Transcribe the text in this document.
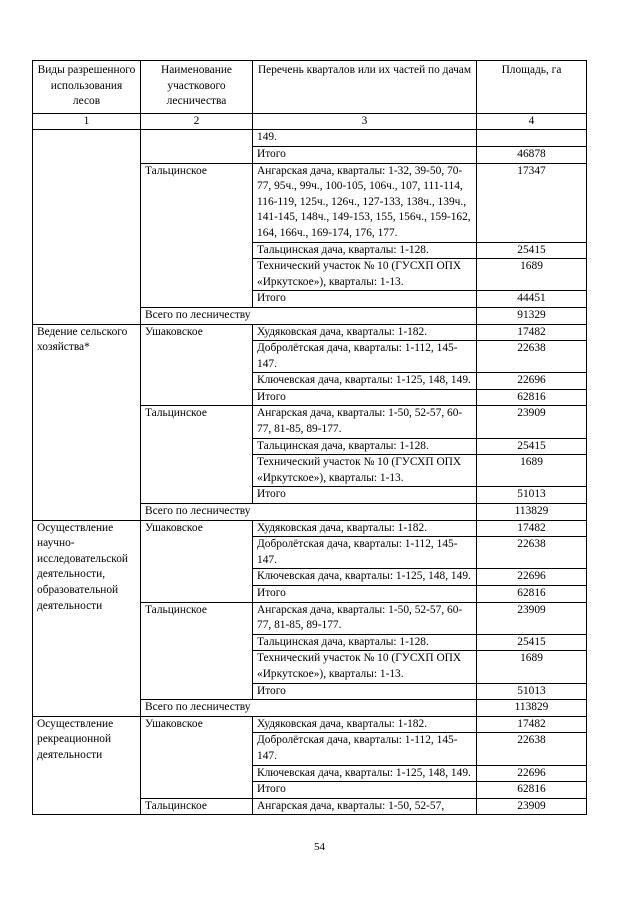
Виды разрешенного использования лесов	Наименование участкового лесничества	Перечень кварталов или их частей по дачам	Площадь, га
1	2	3	4
		149.	
		Итого	46878
	Тальцинское	Ангарская дача, кварталы: 1-32, 39-50, 70-77, 95ч., 99ч., 100-105, 106ч., 107, 111-114, 116-119, 125ч., 126ч., 127-133, 138ч., 139ч., 141-145, 148ч., 149-153, 155, 156ч., 159-162, 164, 166ч., 169-174, 176, 177.	17347
		Тальцинская дача, кварталы: 1-128.	25415
		Технический участок № 10 (ГУСХП ОПХ «Иркутское»), кварталы: 1-13.	1689
		Итого	44451
	Всего по лесничеству		91329
Ведение сельского хозяйства*	Ушаковское	Худяковская дача, кварталы: 1-182.	17482
		Добролётская дача, кварталы: 1-112, 145-147.	22638
		Ключевская дача, кварталы: 1-125, 148, 149.	22696
		Итого	62816
	Тальцинское	Ангарская дача, кварталы: 1-50, 52-57, 60-77, 81-85, 89-177.	23909
		Тальцинская дача, кварталы: 1-128.	25415
		Технический участок № 10 (ГУСХП ОПХ «Иркутское»), кварталы: 1-13.	1689
		Итого	51013
	Всего по лесничеству		113829
Осуществление научно-исследовательской деятельности, образовательной деятельности	Ушаковское	Худяковская дача, кварталы: 1-182.	17482
		Добролётская дача, кварталы: 1-112, 145-147.	22638
		Ключевская дача, кварталы: 1-125, 148, 149.	22696
		Итого	62816
	Тальцинское	Ангарская дача, кварталы: 1-50, 52-57, 60-77, 81-85, 89-177.	23909
		Тальцинская дача, кварталы: 1-128.	25415
		Технический участок № 10 (ГУСХП ОПХ «Иркутское»), кварталы: 1-13.	1689
		Итого	51013
	Всего по лесничеству		113829
Осуществление рекреационной деятельности	Ушаковское	Худяковская дача, кварталы: 1-182.	17482
		Добролётская дача, кварталы: 1-112, 145-147.	22638
		Ключевская дача, кварталы: 1-125, 148, 149.	22696
		Итого	62816
	Тальцинское	Ангарская дача, кварталы: 1-50, 52-57,	23909
54
